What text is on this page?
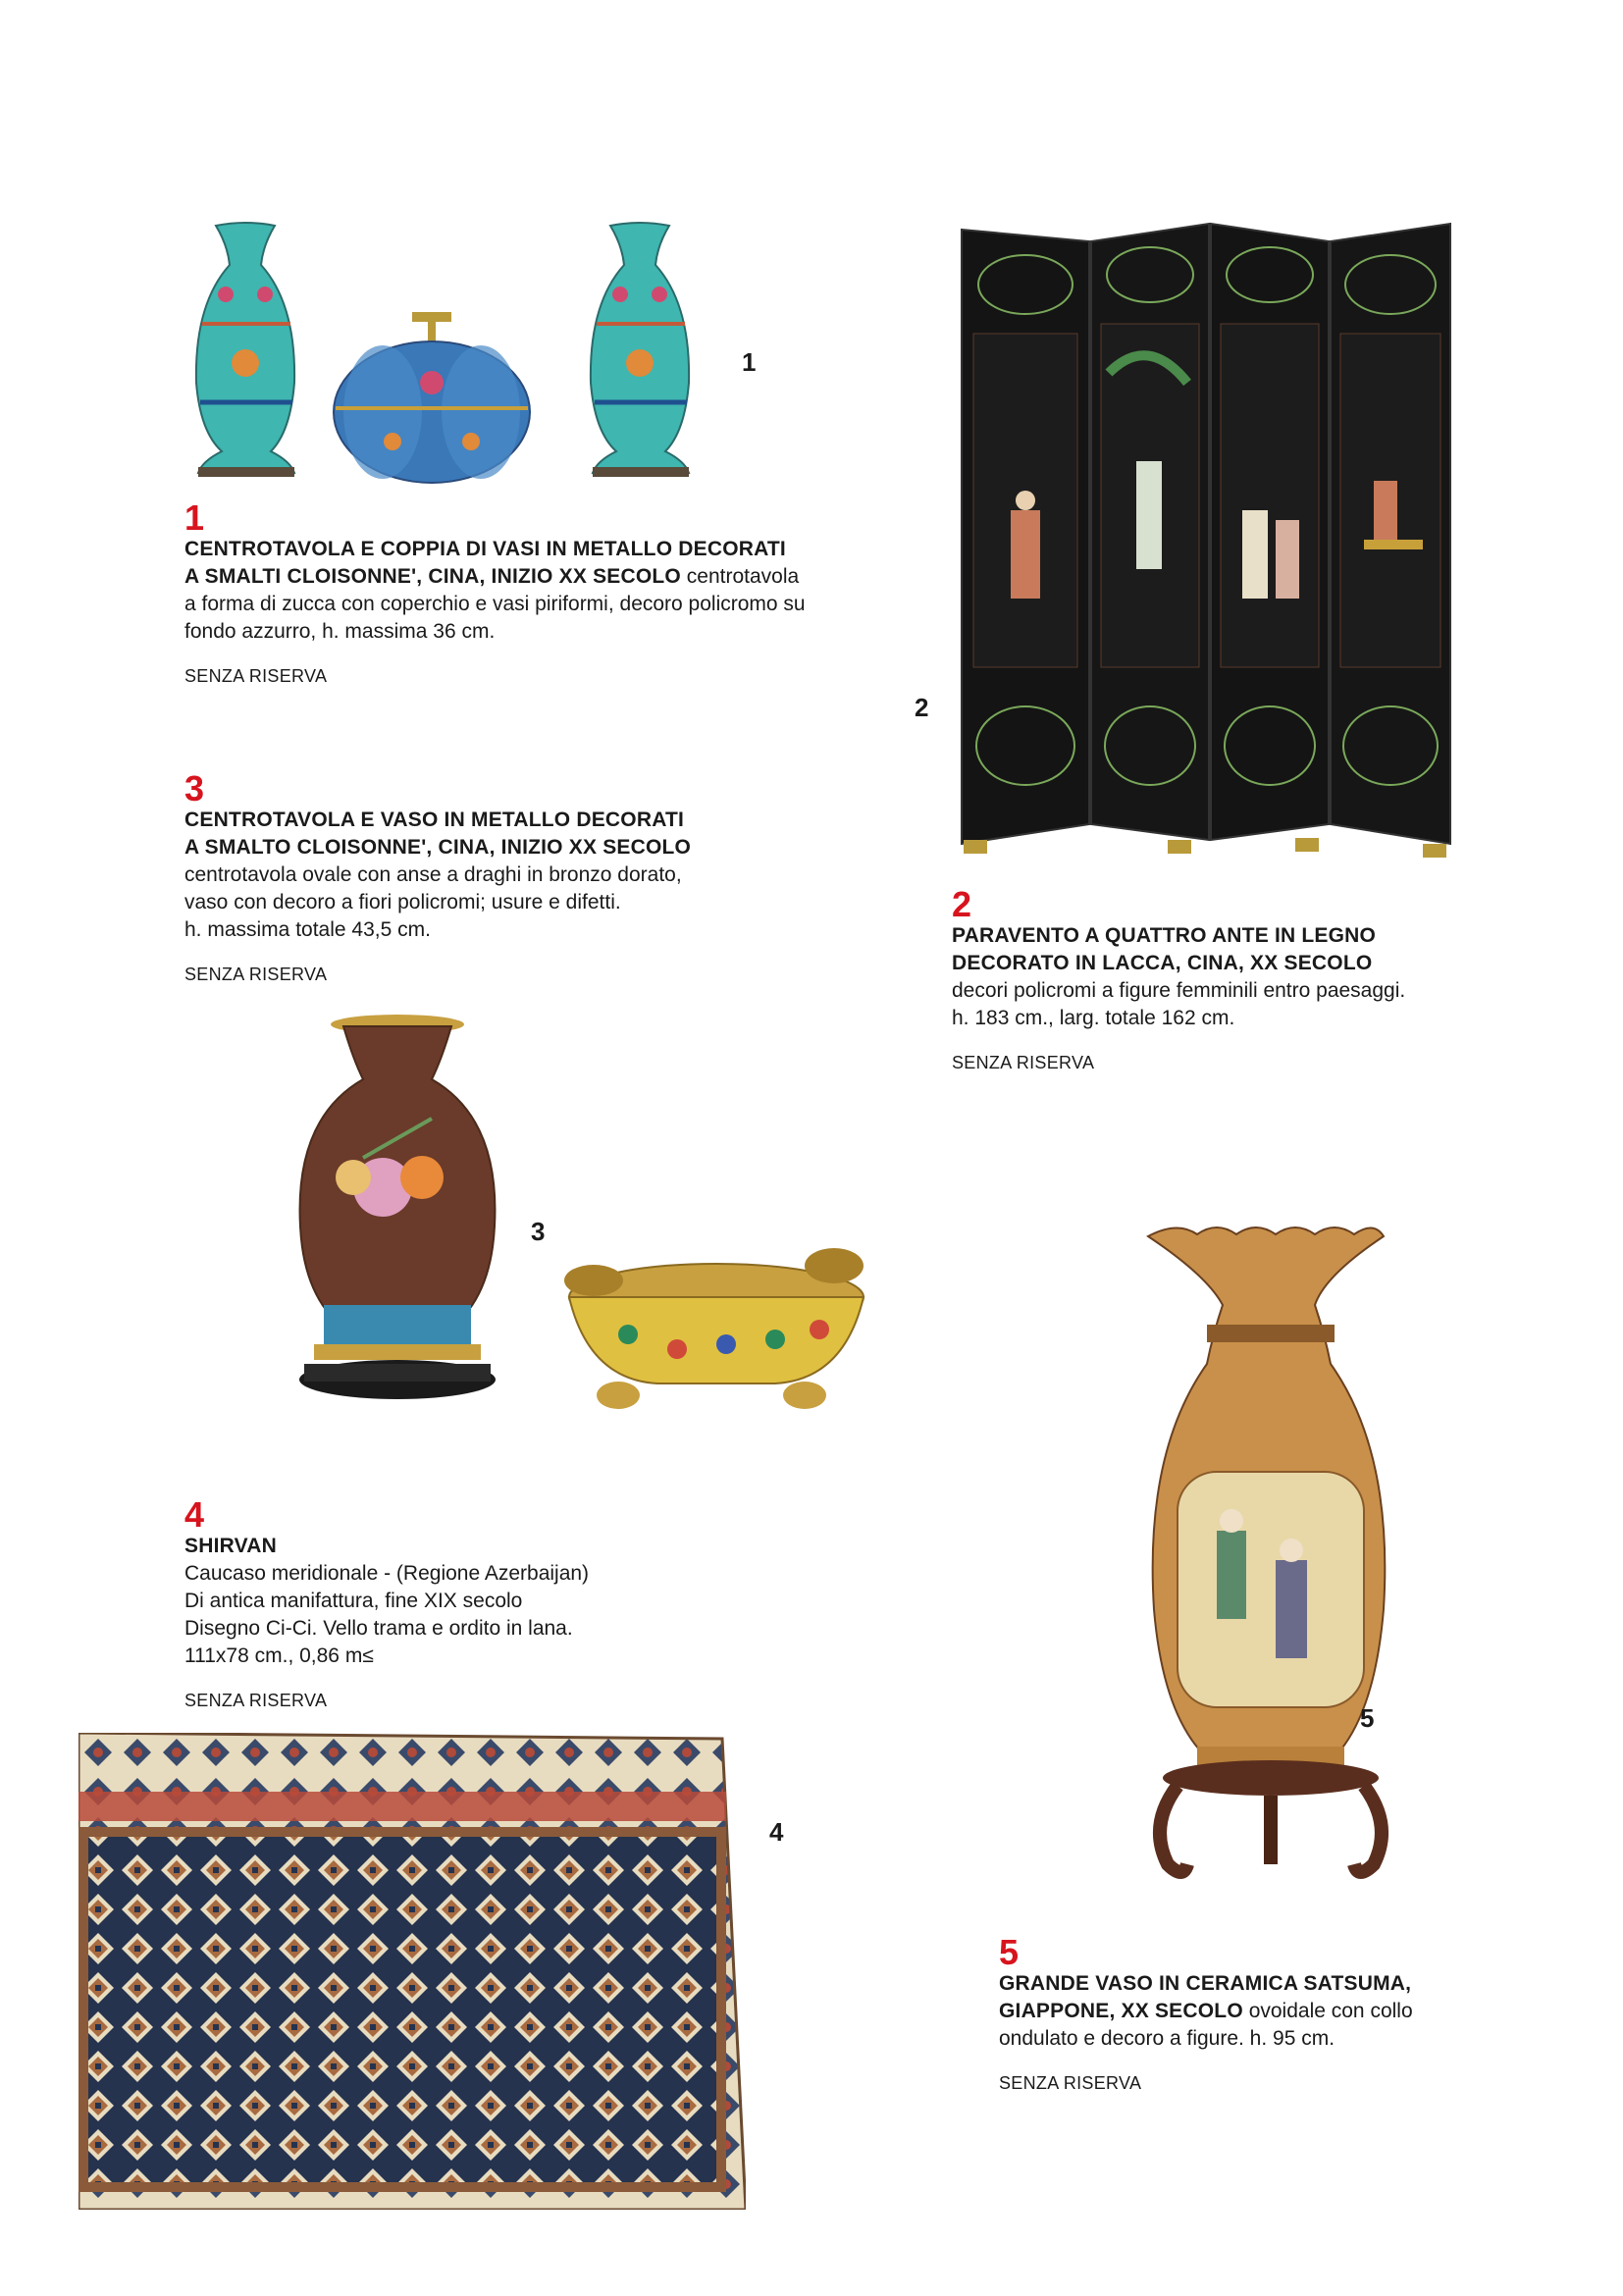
1
1
CENTROTAVOLA E COPPIA DI VASI IN METALLO DECORATI
A SMALTI CLOISONNE', CINA, INIZIO XX SECOLO centrotavola
a forma di zucca con coperchio e vasi piriformi, decoro policromo su
fondo azzurro, h. massima 36 cm.
SENZA RISERVA
2
2
PARAVENTO A QUATTRO ANTE IN LEGNO
DECORATO IN LACCA, CINA, XX SECOLO
decori policromi a figure femminili entro paesaggi.
h. 183 cm., larg. totale 162 cm.
SENZA RISERVA
3
CENTROTAVOLA E VASO IN METALLO DECORATI
A SMALTO CLOISONNE', CINA, INIZIO XX SECOLO
centrotavola ovale con anse a draghi in bronzo dorato,
vaso con decoro a fiori policromi; usure e difetti.
h. massima totale 43,5 cm.
SENZA RISERVA
3
4
SHIRVAN
Caucaso meridionale - (Regione Azerbaijan)
Di antica manifattura, fine XIX secolo
Disegno Ci-Ci. Vello trama e ordito in lana.
111x78 cm., 0,86 m≤
SENZA RISERVA
4
5
5
GRANDE VASO IN CERAMICA SATSUMA,
GIAPPONE, XX SECOLO ovoidale con collo
ondulato e decoro a figure. h. 95 cm.
SENZA RISERVA
